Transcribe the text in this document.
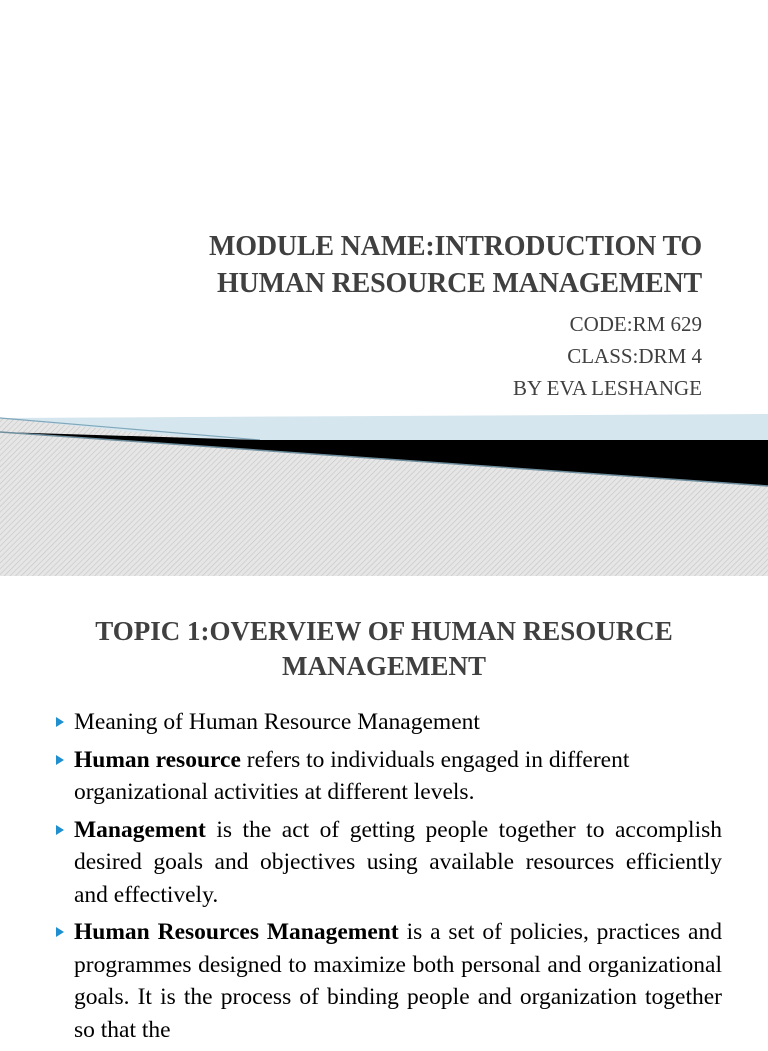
MODULE NAME:INTRODUCTION TO
HUMAN RESOURCE MANAGEMENT
CODE:RM 629
CLASS:DRM 4
BY EVA LESHANGE
TOPIC 1:OVERVIEW OF HUMAN RESOURCE MANAGEMENT
Meaning of Human Resource Management
Human resource refers to individuals engaged in different organizational activities at different levels.
Management is the act of getting people together to accomplish desired goals and objectives using available resources efficiently and effectively.
Human Resources Management is a set of policies, practices and programmes designed to maximize both personal and organizational goals. It is the process of binding people and organization together so that the
